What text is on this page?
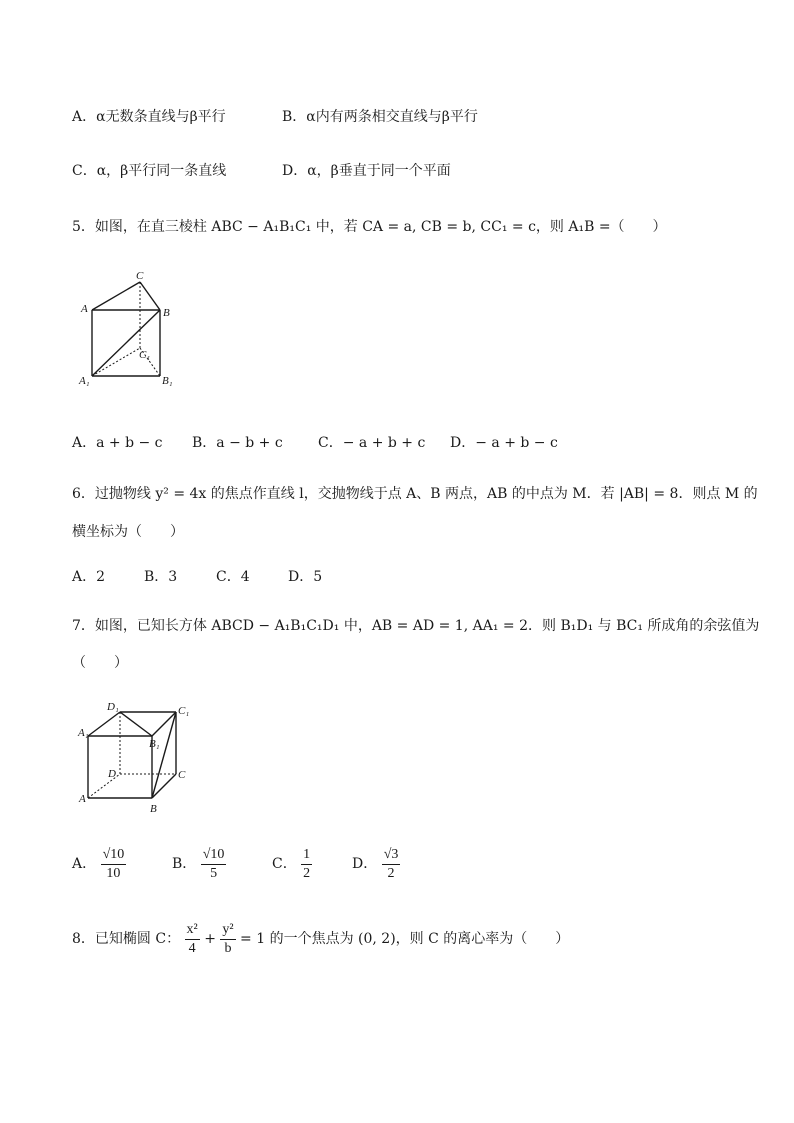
A．α无数条直线与β平行	B．α内有两条相交直线与β平行
C．α，β平行同一条直线	D．α，β垂直于同一个平面
5．如图，在直三棱柱 ABC − A₁B₁C₁ 中，若 CA = a, CB = b, CC₁ = c，则 A₁B =（　　）
C
A	B
C₁
A₁	B₁
A．a + b − c B．a − b + c	C．− a + b + c D．− a + b − c
6．过抛物线 y² = 4x 的焦点作直线 l，交抛物线于点 A、B 两点，AB 的中点为 M．若 |AB| = 8．则点 M 的
横坐标为（　　）
A．2	B．3	C．4	D．5
7．如图，已知长方体 ABCD − A₁B₁C₁D₁ 中，AB = AD = 1, AA₁ = 2．则 B₁D₁ 与 BC₁ 所成角的余弦值为
（　　）
D₁	C₁
A₁
B₁
D	C
A
B
A． $\frac{√10}{10}$	B． $\frac{√10}{5}$	C． $\frac{1}{2}$	D． $\frac{√3}{2}$
8．已知椭圆 C： $\frac{\text{x²}}{4} + \frac{\text{y²}}{b} = 1$ 的一个焦点为 (0, 2)，则 C 的离心率为（　　）
